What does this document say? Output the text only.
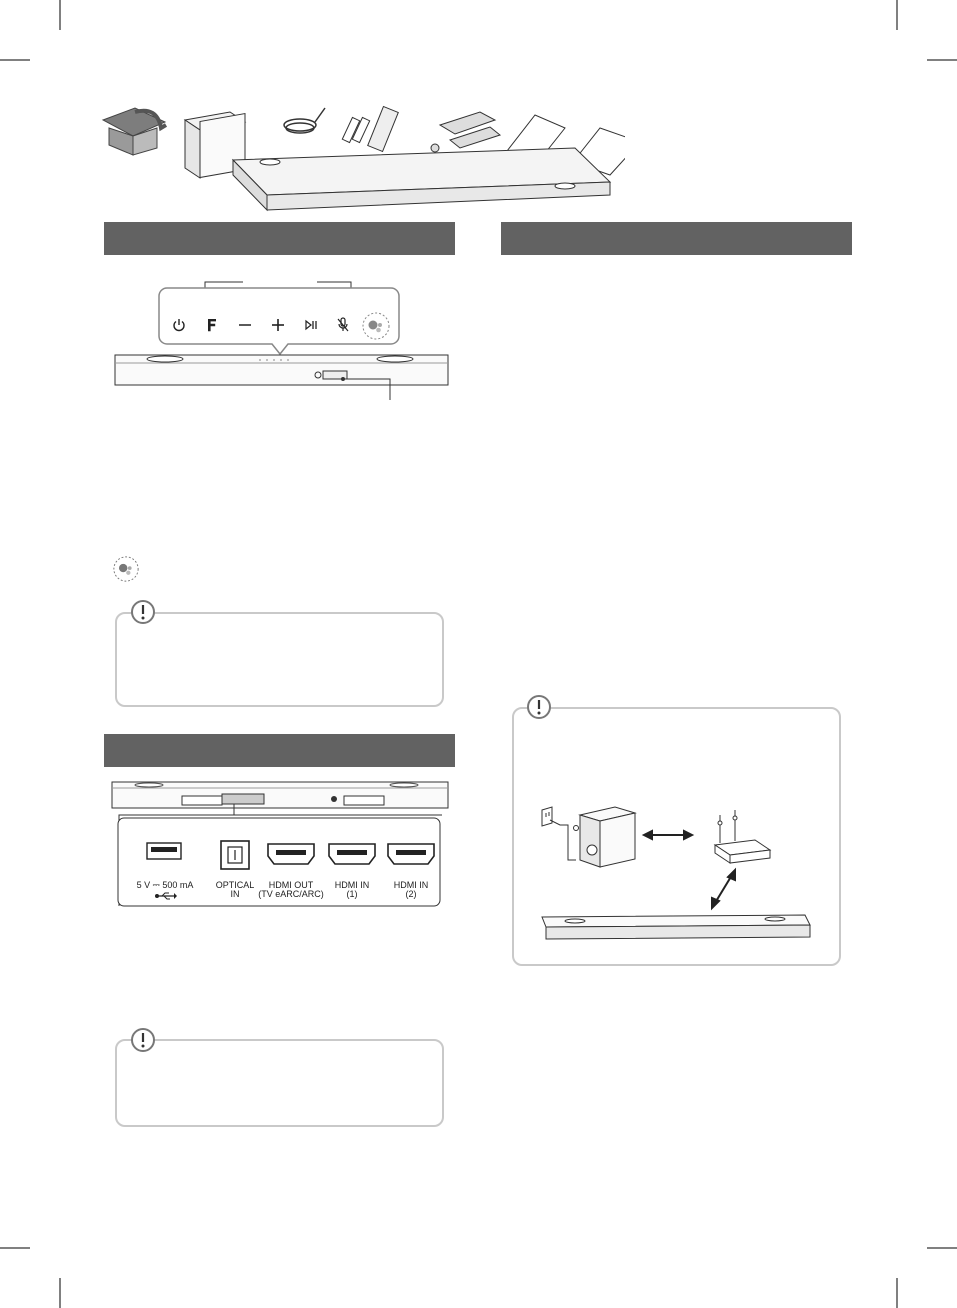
5 V ⎓ 500 mA	OPTICAL
IN
HDMI OUT
(TV eARC/ARC)
HDMI IN
(1)
HDMI IN
(2)
